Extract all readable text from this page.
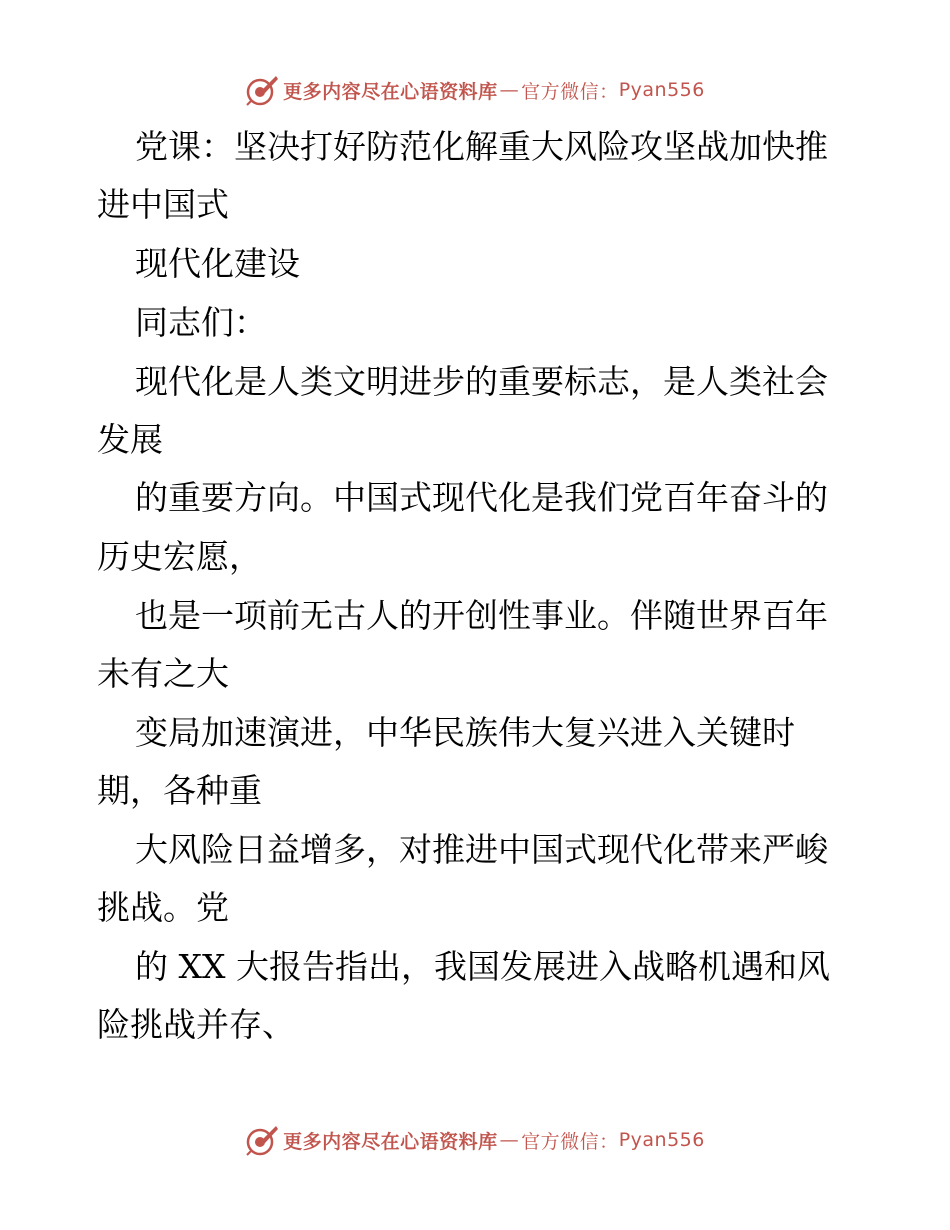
更多内容尽在心语资料库 — 官方微信： Pyan556
党课：坚决打好防范化解重大风险攻坚战加快推
进中国式
现代化建设
同志们：
现代化是人类文明进步的重要标志，是人类社会
发展
的重要方向。中国式现代化是我们党百年奋斗的
历史宏愿，
也是一项前无古人的开创性事业。伴随世界百年
未有之大
变局加速演进，中华民族伟大复兴进入关键时
期，各种重
大风险日益增多，对推进中国式现代化带来严峻
挑战。党
的 XX 大报告指出，我国发展进入战略机遇和风
险挑战并存、
更多内容尽在心语资料库 — 官方微信： Pyan556
